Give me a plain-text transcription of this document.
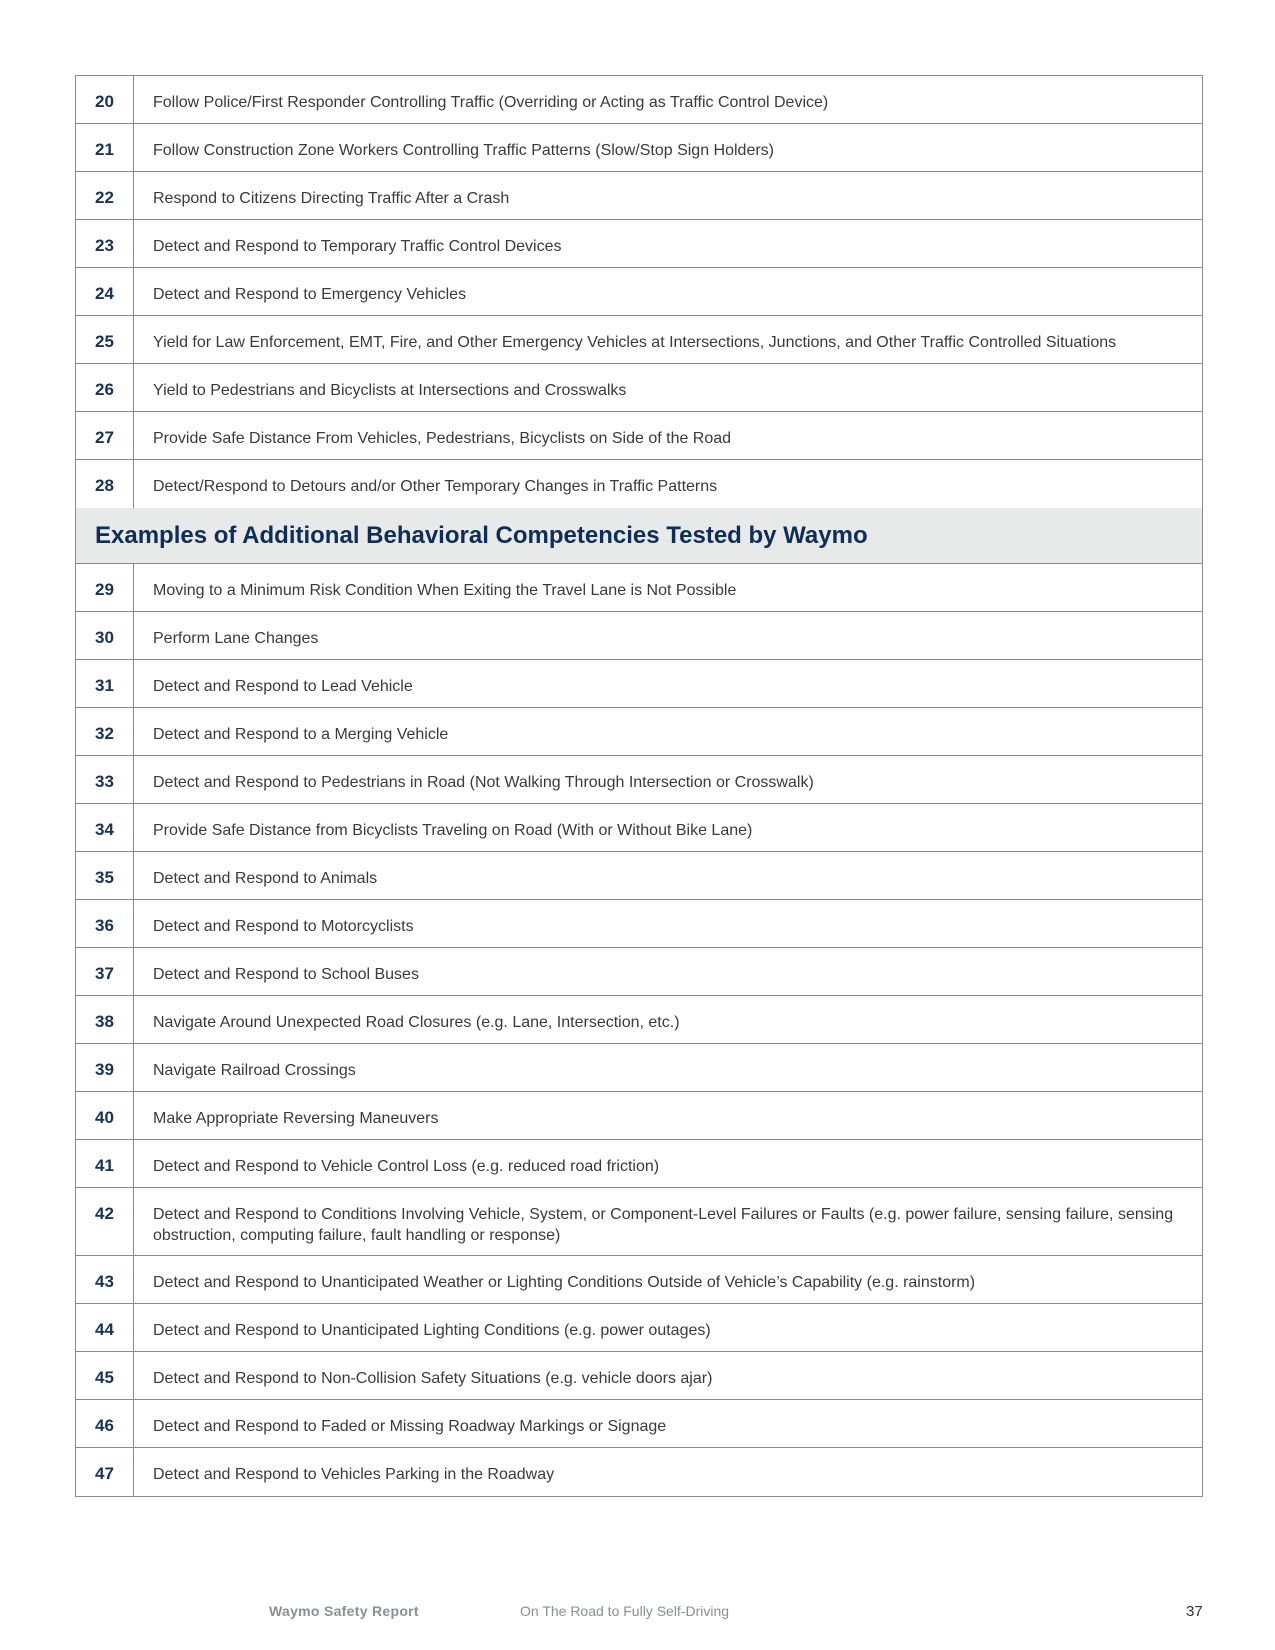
20	Follow Police/First Responder Controlling Traffic (Overriding or Acting as Traffic Control Device)
21	Follow Construction Zone Workers Controlling Traffic Patterns (Slow/Stop Sign Holders)
22	Respond to Citizens Directing Traffic After a Crash
23	Detect and Respond to Temporary Traffic Control Devices
24	Detect and Respond to Emergency Vehicles
25	Yield for Law Enforcement, EMT, Fire, and Other Emergency Vehicles at Intersections, Junctions, and Other Traffic Controlled Situations
26	Yield to Pedestrians and Bicyclists at Intersections and Crosswalks
27	Provide Safe Distance From Vehicles, Pedestrians, Bicyclists on Side of the Road
28	Detect/Respond to Detours and/or Other Temporary Changes in Traffic Patterns
Examples of Additional Behavioral Competencies Tested by Waymo
29	Moving to a Minimum Risk Condition When Exiting the Travel Lane is Not Possible
30	Perform Lane Changes
31	Detect and Respond to Lead Vehicle
32	Detect and Respond to a Merging Vehicle
33	Detect and Respond to Pedestrians in Road (Not Walking Through Intersection or Crosswalk)
34	Provide Safe Distance from Bicyclists Traveling on Road (With or Without Bike Lane)
35	Detect and Respond to Animals
36	Detect and Respond to Motorcyclists
37	Detect and Respond to School Buses
38	Navigate Around Unexpected Road Closures (e.g. Lane, Intersection, etc.)
39	Navigate Railroad Crossings
40	Make Appropriate Reversing Maneuvers
41	Detect and Respond to Vehicle Control Loss (e.g. reduced road friction)
42	Detect and Respond to Conditions Involving Vehicle, System, or Component-Level Failures or Faults (e.g. power failure, sensing failure, sensing obstruction, computing failure, fault handling or response)
43	Detect and Respond to Unanticipated Weather or Lighting Conditions Outside of Vehicle’s Capability (e.g. rainstorm)
44	Detect and Respond to Unanticipated Lighting Conditions (e.g. power outages)
45	Detect and Respond to Non-Collision Safety Situations (e.g. vehicle doors ajar)
46	Detect and Respond to Faded or Missing Roadway Markings or Signage
47	Detect and Respond to Vehicles Parking in the Roadway
Waymo Safety Report	On The Road to Fully Self-Driving	37
